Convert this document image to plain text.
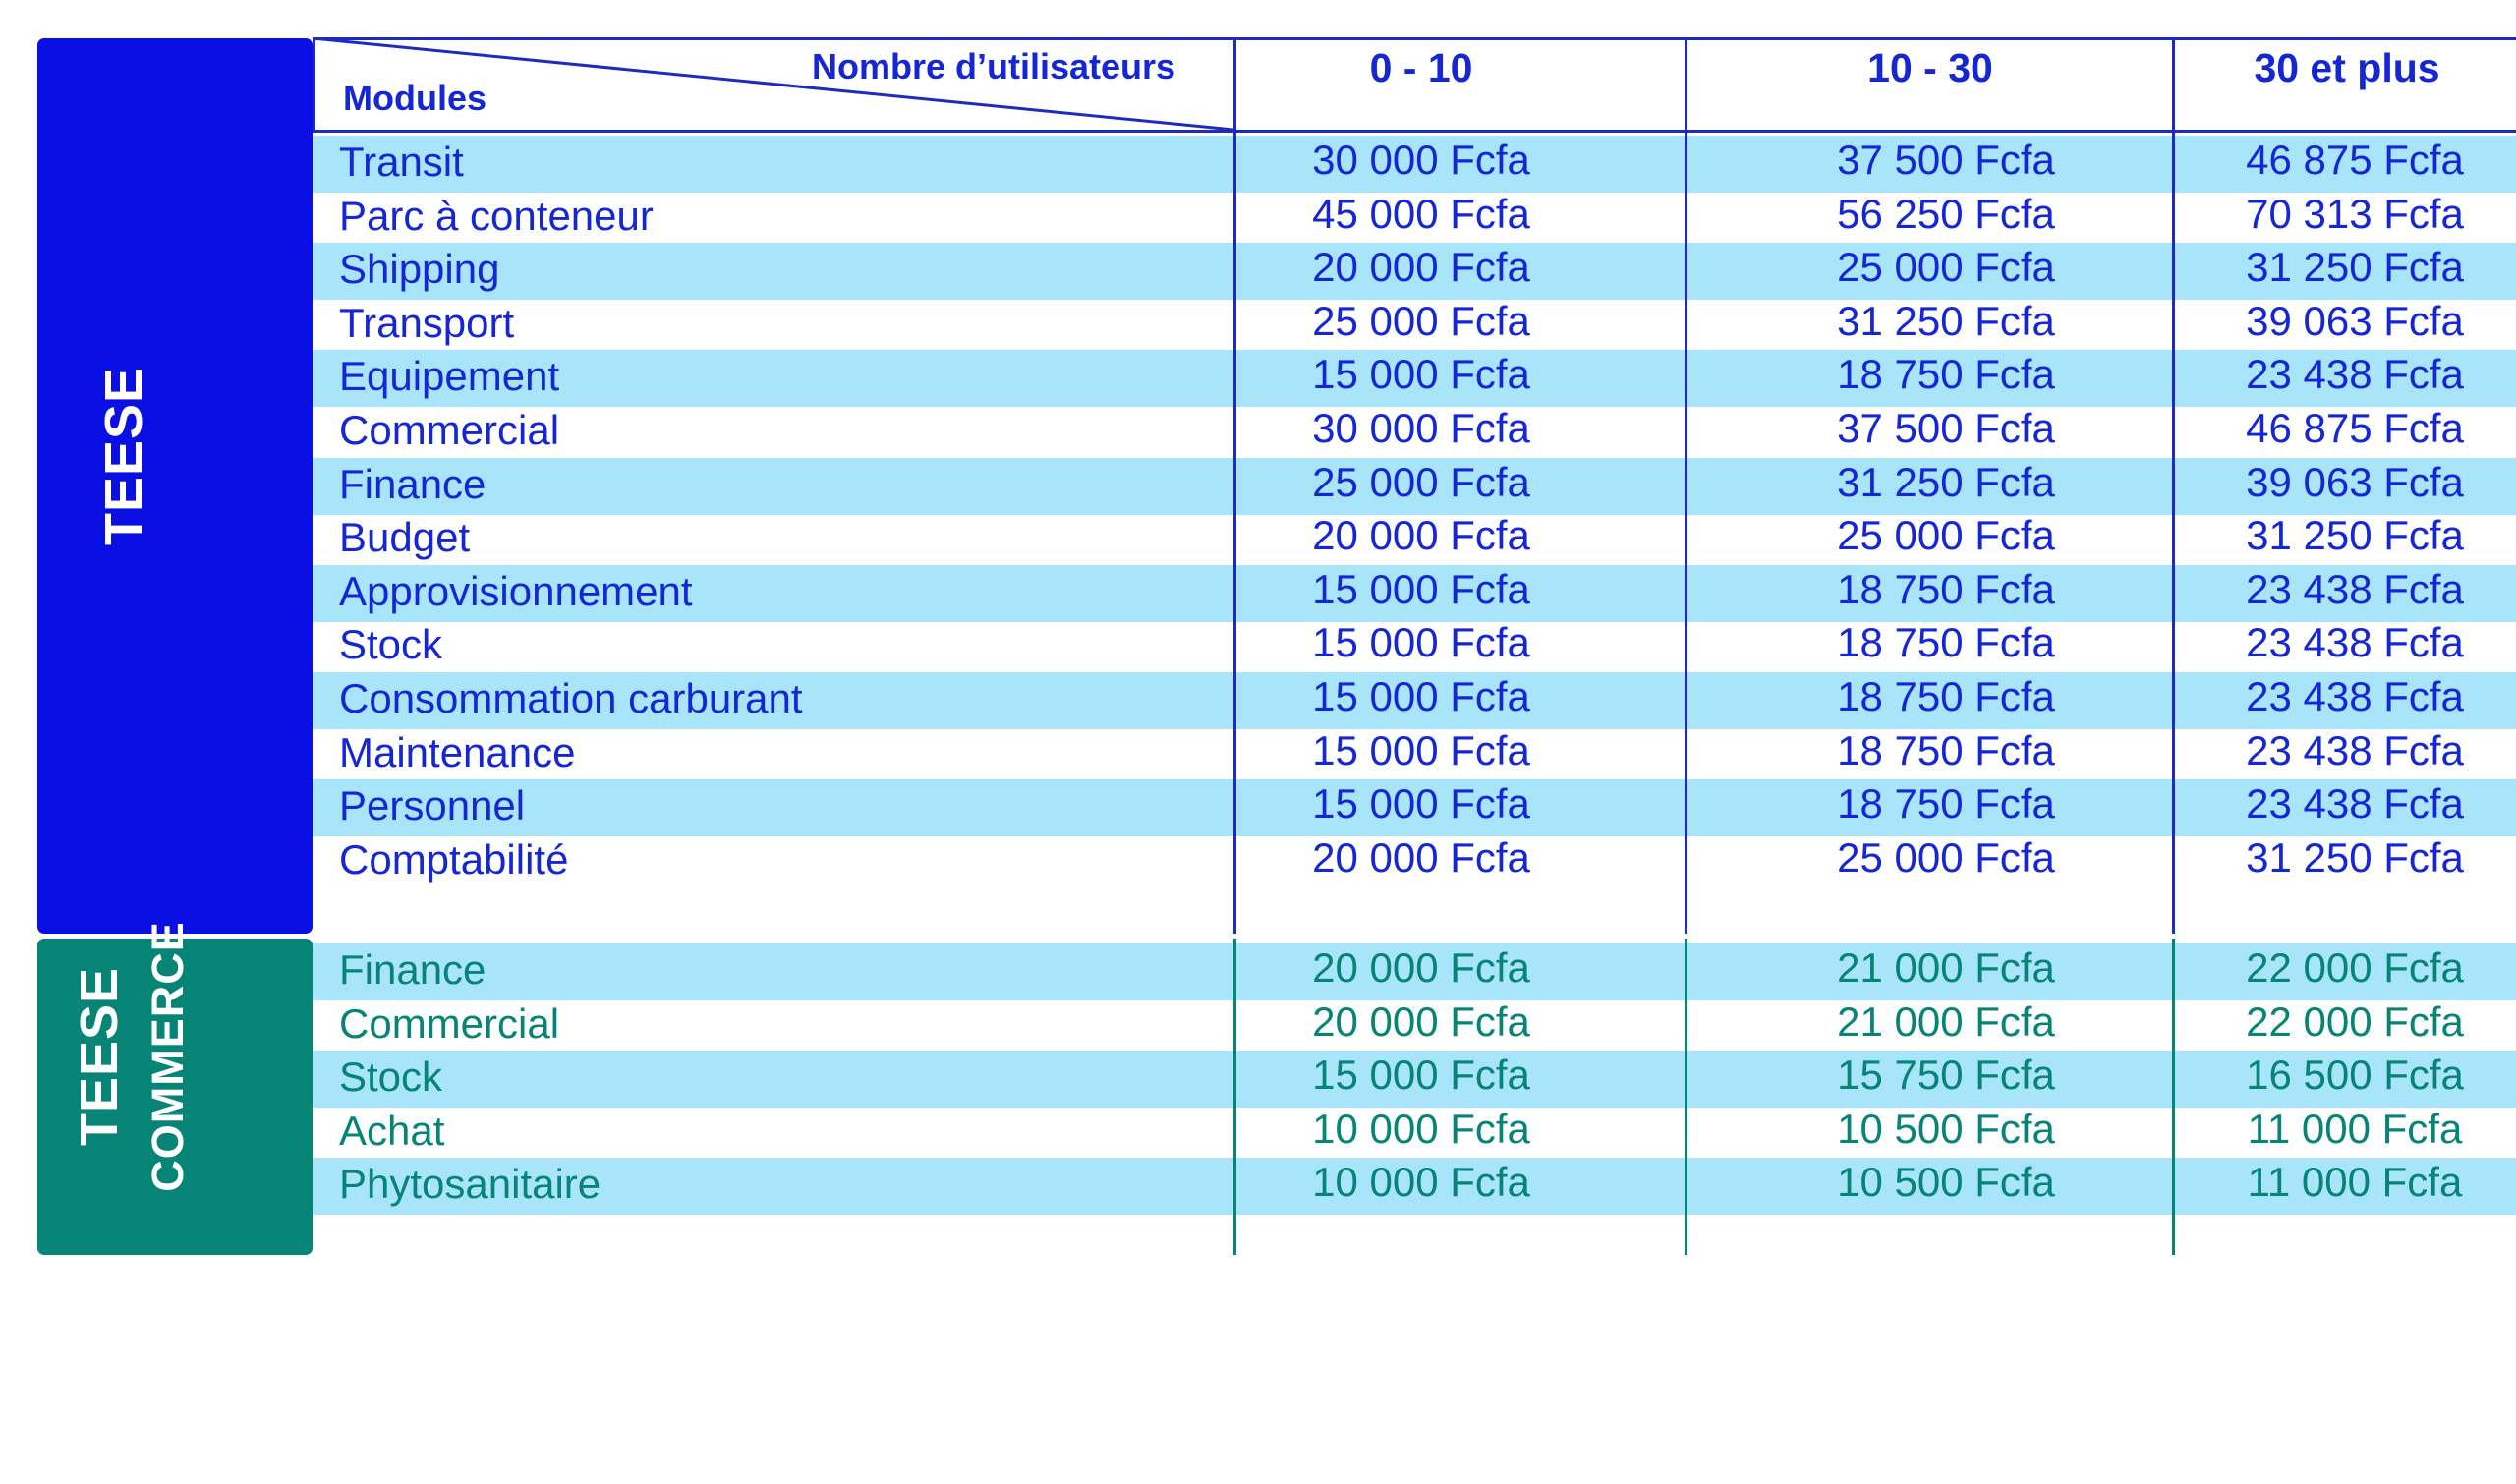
TEESE
TEESE COMMERCE
Nombre d’utilisateurs
Modules
0 - 10	10 - 30	30 et plus
Transit	30 000 Fcfa	37 500 Fcfa	46 875 Fcfa
Parc à conteneur	45 000 Fcfa	56 250 Fcfa	70 313 Fcfa
Shipping	20 000 Fcfa	25 000 Fcfa	31 250 Fcfa
Transport	25 000 Fcfa	31 250 Fcfa	39 063 Fcfa
Equipement	15 000 Fcfa	18 750 Fcfa	23 438 Fcfa
Commercial	30 000 Fcfa	37 500 Fcfa	46 875 Fcfa
Finance	25 000 Fcfa	31 250 Fcfa	39 063 Fcfa
Budget	20 000 Fcfa	25 000 Fcfa	31 250 Fcfa
Approvisionnement	15 000 Fcfa	18 750 Fcfa	23 438 Fcfa
Stock	15 000 Fcfa	18 750 Fcfa	23 438 Fcfa
Consommation carburant	15 000 Fcfa	18 750 Fcfa	23 438 Fcfa
Maintenance	15 000 Fcfa	18 750 Fcfa	23 438 Fcfa
Personnel	15 000 Fcfa	18 750 Fcfa	23 438 Fcfa
Comptabilité	20 000 Fcfa	25 000 Fcfa	31 250 Fcfa
Finance	20 000 Fcfa	21 000 Fcfa	22 000 Fcfa
Commercial	20 000 Fcfa	21 000 Fcfa	22 000 Fcfa
Stock	15 000 Fcfa	15 750 Fcfa	16 500 Fcfa
Achat	10 000 Fcfa	10 500 Fcfa	11 000 Fcfa
Phytosanitaire	10 000 Fcfa	10 500 Fcfa	11 000 Fcfa
